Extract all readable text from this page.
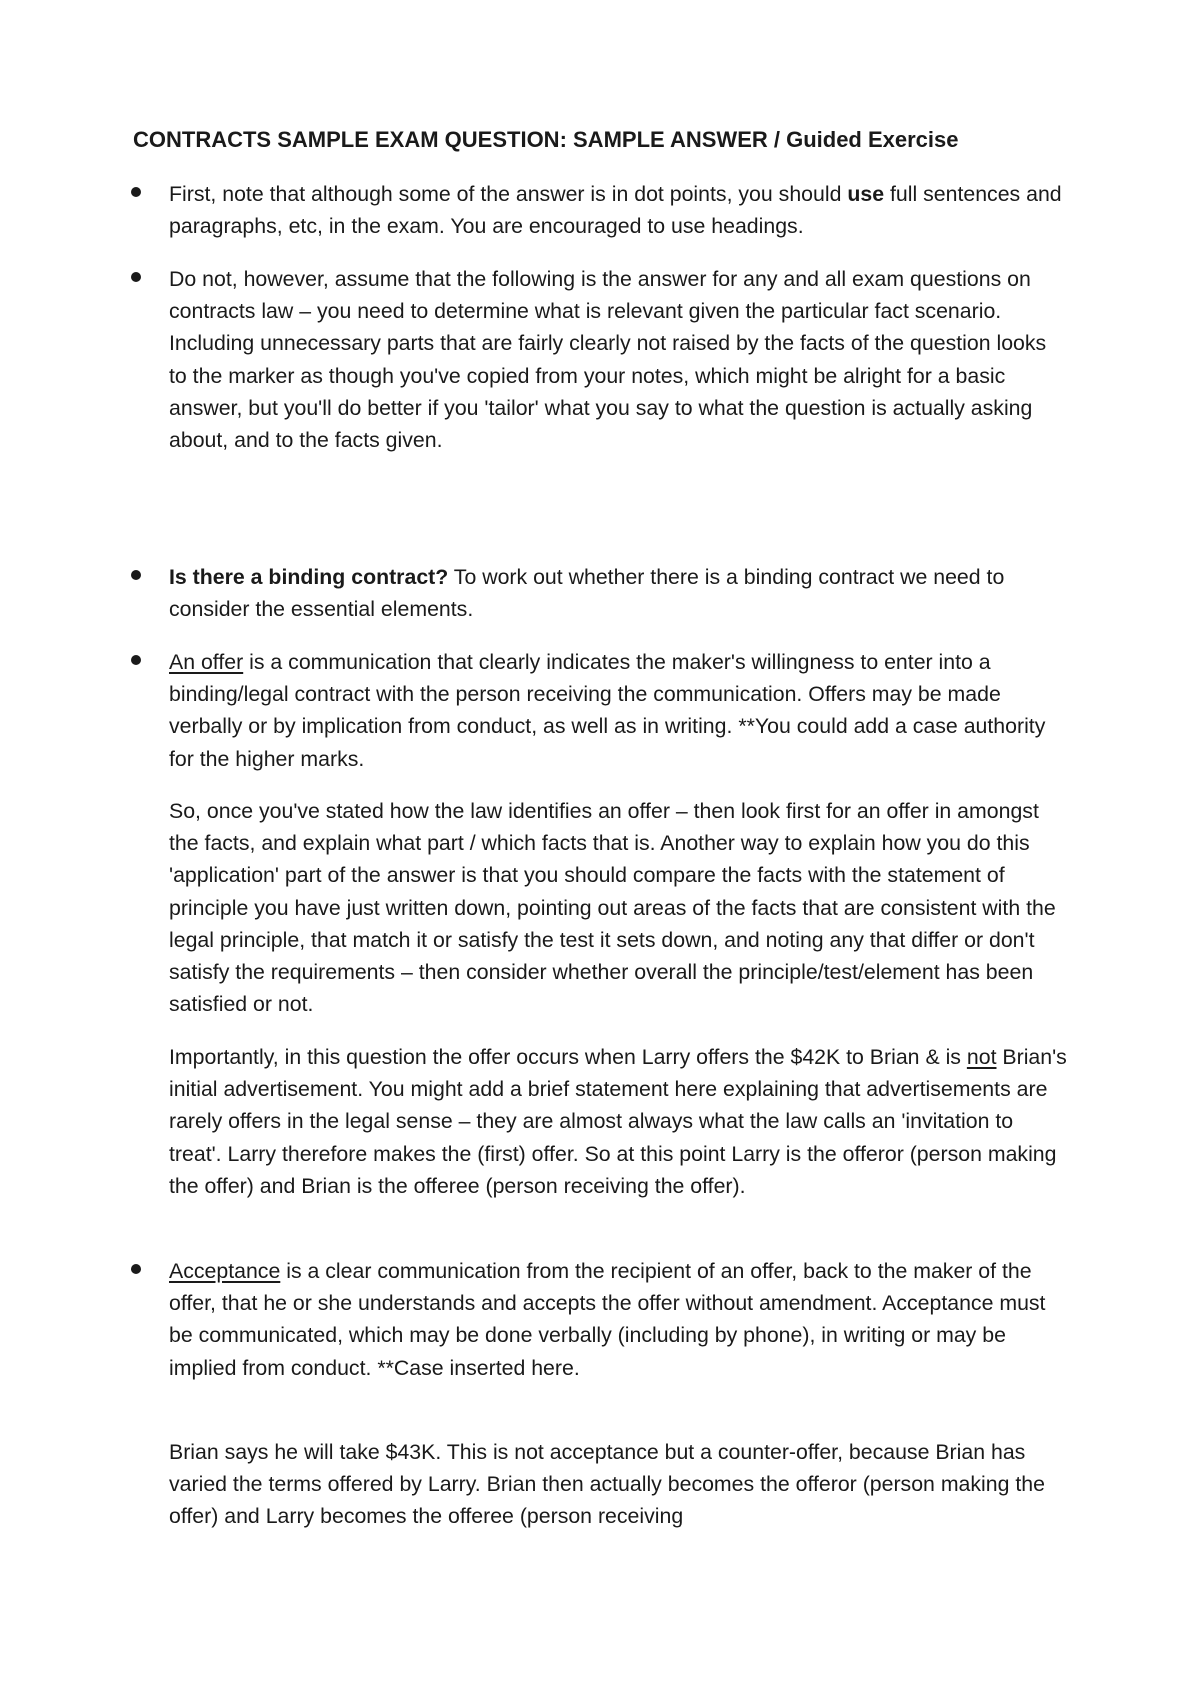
CONTRACTS SAMPLE EXAM QUESTION: SAMPLE ANSWER / Guided Exercise
First, note that although some of the answer is in dot points, you should use full sentences and paragraphs, etc, in the exam. You are encouraged to use headings.
Do not, however, assume that the following is the answer for any and all exam questions on contracts law – you need to determine what is relevant given the particular fact scenario. Including unnecessary parts that are fairly clearly not raised by the facts of the question looks to the marker as though you've copied from your notes, which might be alright for a basic answer, but you'll do better if you 'tailor' what you say to what the question is actually asking about, and to the facts given.
Is there a binding contract? To work out whether there is a binding contract we need to consider the essential elements.
An offer is a communication that clearly indicates the maker's willingness to enter into a binding/legal contract with the person receiving the communication. Offers may be made verbally or by implication from conduct, as well as in writing. **You could add a case authority for the higher marks.
So, once you've stated how the law identifies an offer – then look first for an offer in amongst the facts, and explain what part / which facts that is. Another way to explain how you do this 'application' part of the answer is that you should compare the facts with the statement of principle you have just written down, pointing out areas of the facts that are consistent with the legal principle, that match it or satisfy the test it sets down, and noting any that differ or don't satisfy the requirements – then consider whether overall the principle/test/element has been satisfied or not.
Importantly, in this question the offer occurs when Larry offers the $42K to Brian & is not Brian's initial advertisement. You might add a brief statement here explaining that advertisements are rarely offers in the legal sense – they are almost always what the law calls an 'invitation to treat'. Larry therefore makes the (first) offer. So at this point Larry is the offeror (person making the offer) and Brian is the offeree (person receiving the offer).
Acceptance is a clear communication from the recipient of an offer, back to the maker of the offer, that he or she understands and accepts the offer without amendment. Acceptance must be communicated, which may be done verbally (including by phone), in writing or may be implied from conduct. **Case inserted here.
Brian says he will take $43K. This is not acceptance but a counter-offer, because Brian has varied the terms offered by Larry. Brian then actually becomes the offeror (person making the offer) and Larry becomes the offeree (person receiving
